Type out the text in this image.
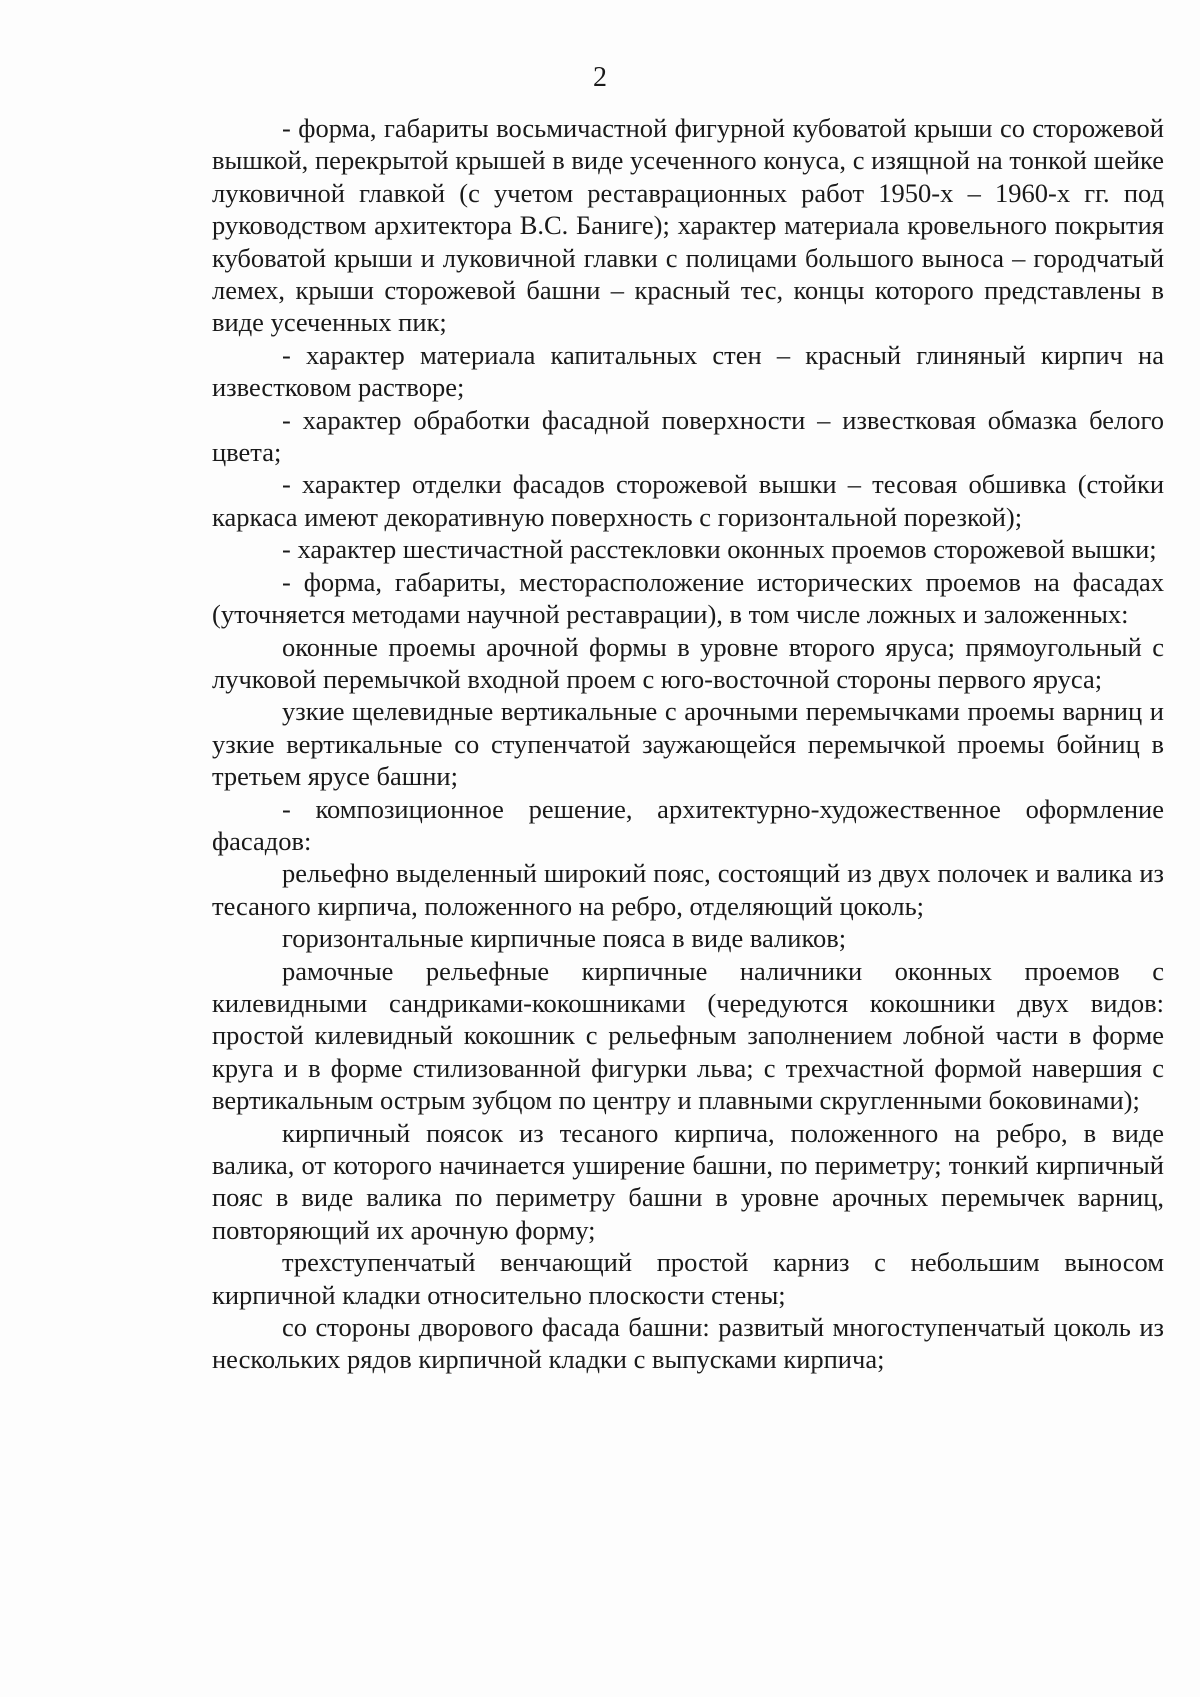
2

- форма, габариты восьмичастной фигурной кубоватой крыши со сторожевой вышкой, перекрытой крышей в виде усеченного конуса, с изящной на тонкой шейке луковичной главкой (с учетом реставрационных работ 1950-х – 1960-х гг. под руководством архитектора В.С. Баниге); характер материала кровельного покрытия кубоватой крыши и луковичной главки с полицами большого выноса – городчатый лемех, крыши сторожевой башни – красный тес, концы которого представлены в виде усеченных пик;

- характер материала капитальных стен – красный глиняный кирпич на известковом растворе;

- характер обработки фасадной поверхности – известковая обмазка белого цвета;

- характер отделки фасадов сторожевой вышки – тесовая обшивка (стойки каркаса имеют декоративную поверхность с горизонтальной порезкой);

- характер шестичастной расстекловки оконных проемов сторожевой вышки;

- форма, габариты, месторасположение исторических проемов на фасадах (уточняется методами научной реставрации), в том числе ложных и заложенных:

оконные проемы арочной формы в уровне второго яруса; прямоугольный с лучковой перемычкой входной проем с юго-восточной стороны первого яруса;

узкие щелевидные вертикальные с арочными перемычками проемы варниц и узкие вертикальные со ступенчатой заужающейся перемычкой проемы бойниц в третьем ярусе башни;

- композиционное решение, архитектурно-художественное оформление фасадов:

рельефно выделенный широкий пояс, состоящий из двух полочек и валика из тесаного кирпича, положенного на ребро, отделяющий цоколь;

горизонтальные кирпичные пояса в виде валиков;

рамочные рельефные кирпичные наличники оконных проемов с килевидными сандриками-кокошниками (чередуются кокошники двух видов: простой килевидный кокошник с рельефным заполнением лобной части в форме круга и в форме стилизованной фигурки льва; с трехчастной формой навершия с вертикальным острым зубцом по центру и плавными скругленными боковинами);

кирпичный поясок из тесаного кирпича, положенного на ребро, в виде валика, от которого начинается уширение башни, по периметру; тонкий кирпичный пояс в виде валика по периметру башни в уровне арочных перемычек варниц, повторяющий их арочную форму;

трехступенчатый венчающий простой карниз с небольшим выносом кирпичной кладки относительно плоскости стены;

со стороны дворового фасада башни: развитый многоступенчатый цоколь из нескольких рядов кирпичной кладки с выпусками кирпича;
